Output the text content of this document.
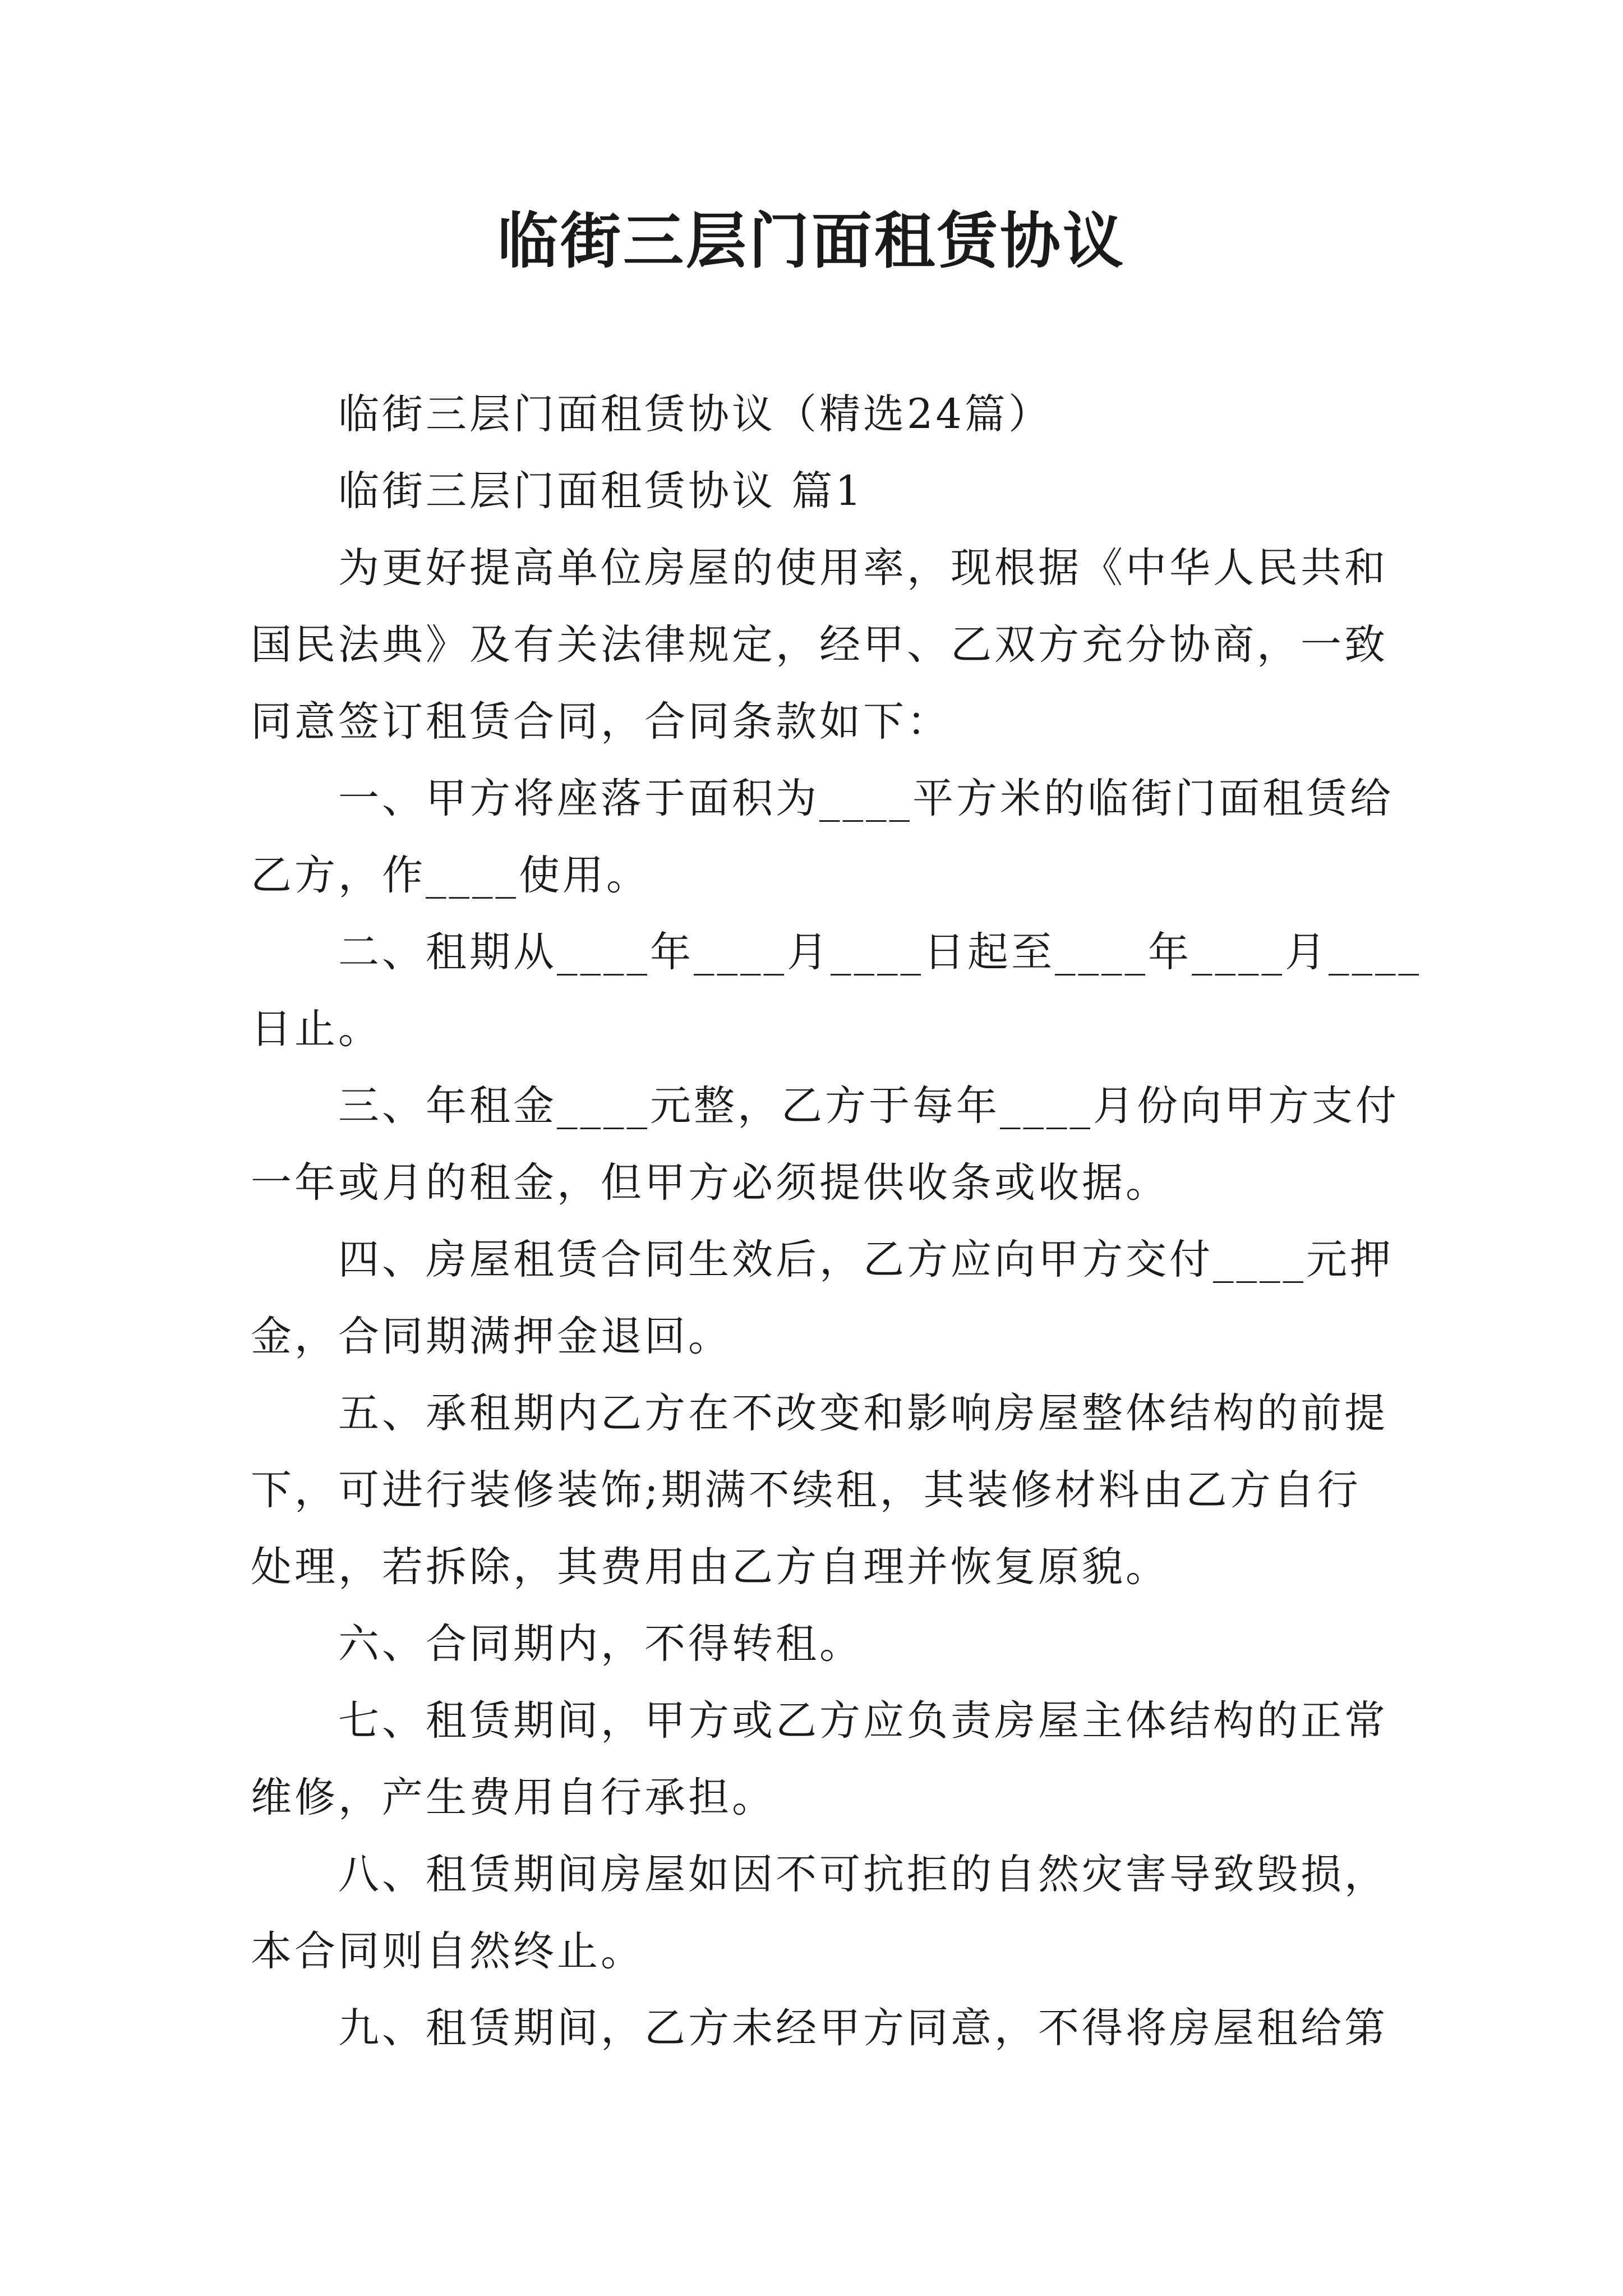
临街三层门面租赁协议
临街三层门面租赁协议（精选24篇）
临街三层门面租赁协议 篇1
为更好提高单位房屋的使用率，现根据《中华人民共和
国民法典》及有关法律规定，经甲、乙双方充分协商，一致
同意签订租赁合同，合同条款如下：
一、甲方将座落于面积为____平方米的临街门面租赁给
乙方，作____使用。
二、租期从____年____月____日起至____年____月____
日止。
三、年租金____元整，乙方于每年____月份向甲方支付
一年或月的租金，但甲方必须提供收条或收据。
四、房屋租赁合同生效后，乙方应向甲方交付____元押
金，合同期满押金退回。
五、承租期内乙方在不改变和影响房屋整体结构的前提
下，可进行装修装饰;期满不续租，其装修材料由乙方自行
处理，若拆除，其费用由乙方自理并恢复原貌。
六、合同期内，不得转租。
七、租赁期间，甲方或乙方应负责房屋主体结构的正常
维修，产生费用自行承担。
八、租赁期间房屋如因不可抗拒的自然灾害导致毁损，
本合同则自然终止。
九、租赁期间，乙方未经甲方同意，不得将房屋租给第
